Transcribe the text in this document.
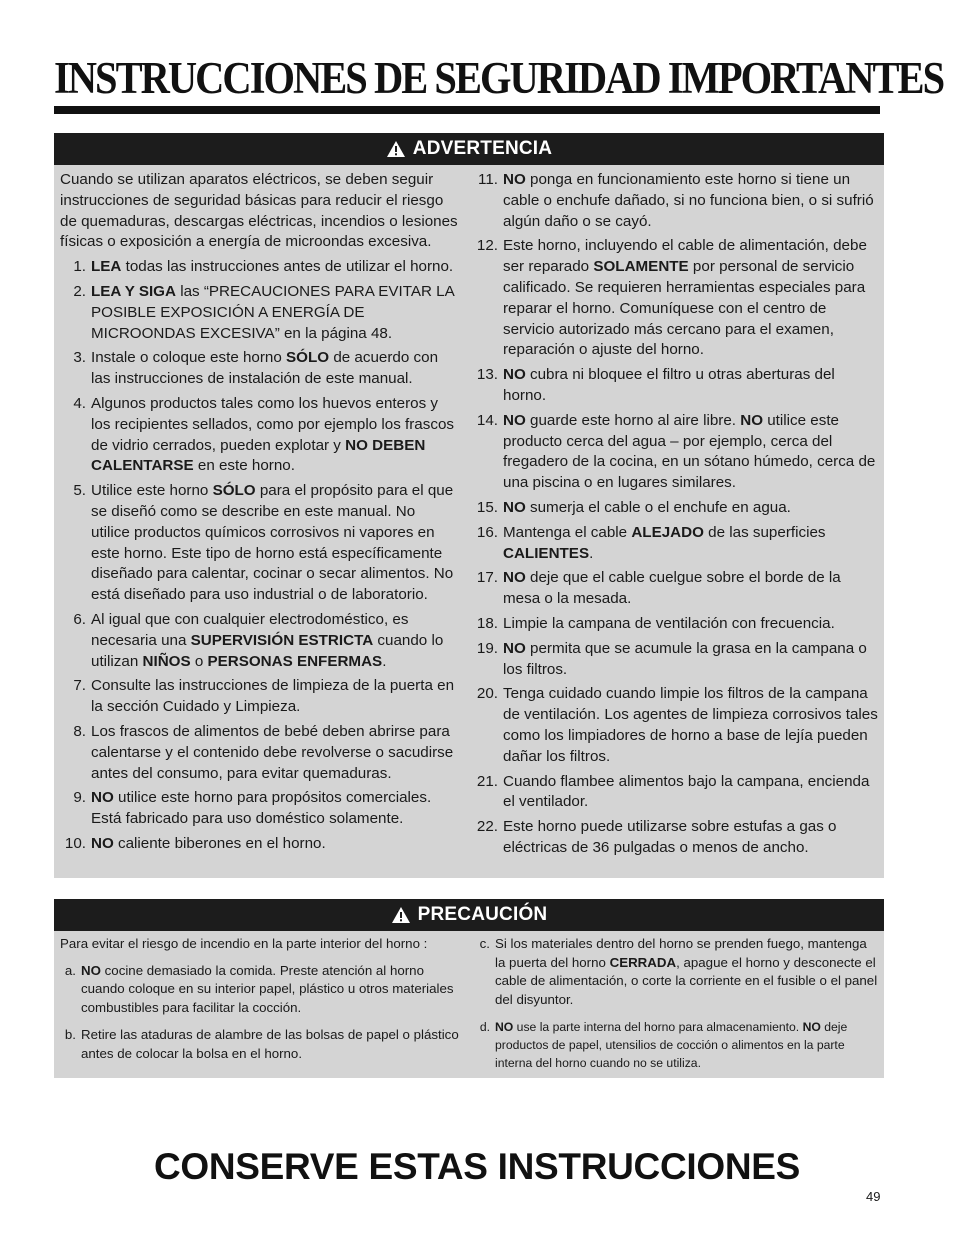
INSTRUCCIONES DE SEGURIDAD IMPORTANTES
ADVERTENCIA

Cuando se utilizan aparatos eléctricos, se deben seguir instrucciones de seguridad básicas para reducir el riesgo de quemaduras, descargas eléctricas, incendios o lesiones físicas o exposición a energía de microondas excesiva.

1. LEA todas las instrucciones antes de utilizar el horno.
2. LEA Y SIGA las “PRECAUCIONES PARA EVITAR LA POSIBLE EXPOSICIÓN A ENERGÍA DE MICROONDAS EXCESIVA” en la página 48.
3. Instale o coloque este horno SÓLO de acuerdo con las instrucciones de instalación de este manual.
4. Algunos productos tales como los huevos enteros y los recipientes sellados, como por ejemplo los frascos de vidrio cerrados, pueden explotar y NO DEBEN CALENTARSE en este horno.
5. Utilice este horno SÓLO para el propósito para el que se diseñó como se describe en este manual. No utilice productos químicos corrosivos ni vapores en este horno. Este tipo de horno está específicamente diseñado para calentar, cocinar o secar alimentos. No está diseñado para uso industrial o de laboratorio.
6. Al igual que con cualquier electrodoméstico, es necesaria una SUPERVISIÓN ESTRICTA cuando lo utilizan NIÑOS o PERSONAS ENFERMAS.
7. Consulte las instrucciones de limpieza de la puerta en la sección Cuidado y Limpieza.
8. Los frascos de alimentos de bebé deben abrirse para calentarse y el contenido debe revolverse o sacudirse antes del consumo, para evitar quemaduras.
9. NO utilice este horno para propósitos comerciales. Está fabricado para uso doméstico solamente.
10. NO caliente biberones en el horno.
11. NO ponga en funcionamiento este horno si tiene un cable o enchufe dañado, si no funciona bien, o si sufrió algún daño o se cayó.
12. Este horno, incluyendo el cable de alimentación, debe ser reparado SOLAMENTE por personal de servicio calificado. Se requieren herramientas especiales para reparar el horno. Comuníquese con el centro de servicio autorizado más cercano para el examen, reparación o ajuste del horno.
13. NO cubra ni bloquee el filtro u otras aberturas del horno.
14. NO guarde este horno al aire libre. NO utilice este producto cerca del agua – por ejemplo, cerca del fregadero de la cocina, en un sótano húmedo, cerca de una piscina o en lugares similares.
15. NO sumerja el cable o el enchufe en agua.
16. Mantenga el cable ALEJADO de las superficies CALIENTES.
17. NO deje que el cable cuelgue sobre el borde de la mesa o la mesada.
18. Limpie la campana de ventilación con frecuencia.
19. NO permita que se acumule la grasa en la campana o los filtros.
20. Tenga cuidado cuando limpie los filtros de la campana de ventilación. Los agentes de limpieza corrosivos tales como los limpiadores de horno a base de lejía pueden dañar los filtros.
21. Cuando flambee alimentos bajo la campana, encienda el ventilador.
22. Este horno puede utilizarse sobre estufas a gas o eléctricas de 36 pulgadas o menos de ancho.
PRECAUCIÓN

Para evitar el riesgo de incendio en la parte interior del horno :

a. NO cocine demasiado la comida. Preste atención al horno cuando coloque en su interior papel, plástico u otros materiales combustibles para facilitar la cocción.
b. Retire las ataduras de alambre de las bolsas de papel o plástico antes de colocar la bolsa en el horno.
c. Si los materiales dentro del horno se prenden fuego, mantenga la puerta del horno CERRADA, apague el horno y desconecte el cable de alimentación, o corte la corriente en el fusible o el panel del disyuntor.
d. NO use la parte interna del horno para almacenamiento. NO deje productos de papel, utensilios de cocción o alimentos en la parte interna del horno cuando no se utiliza.
CONSERVE ESTAS INSTRUCCIONES
49
